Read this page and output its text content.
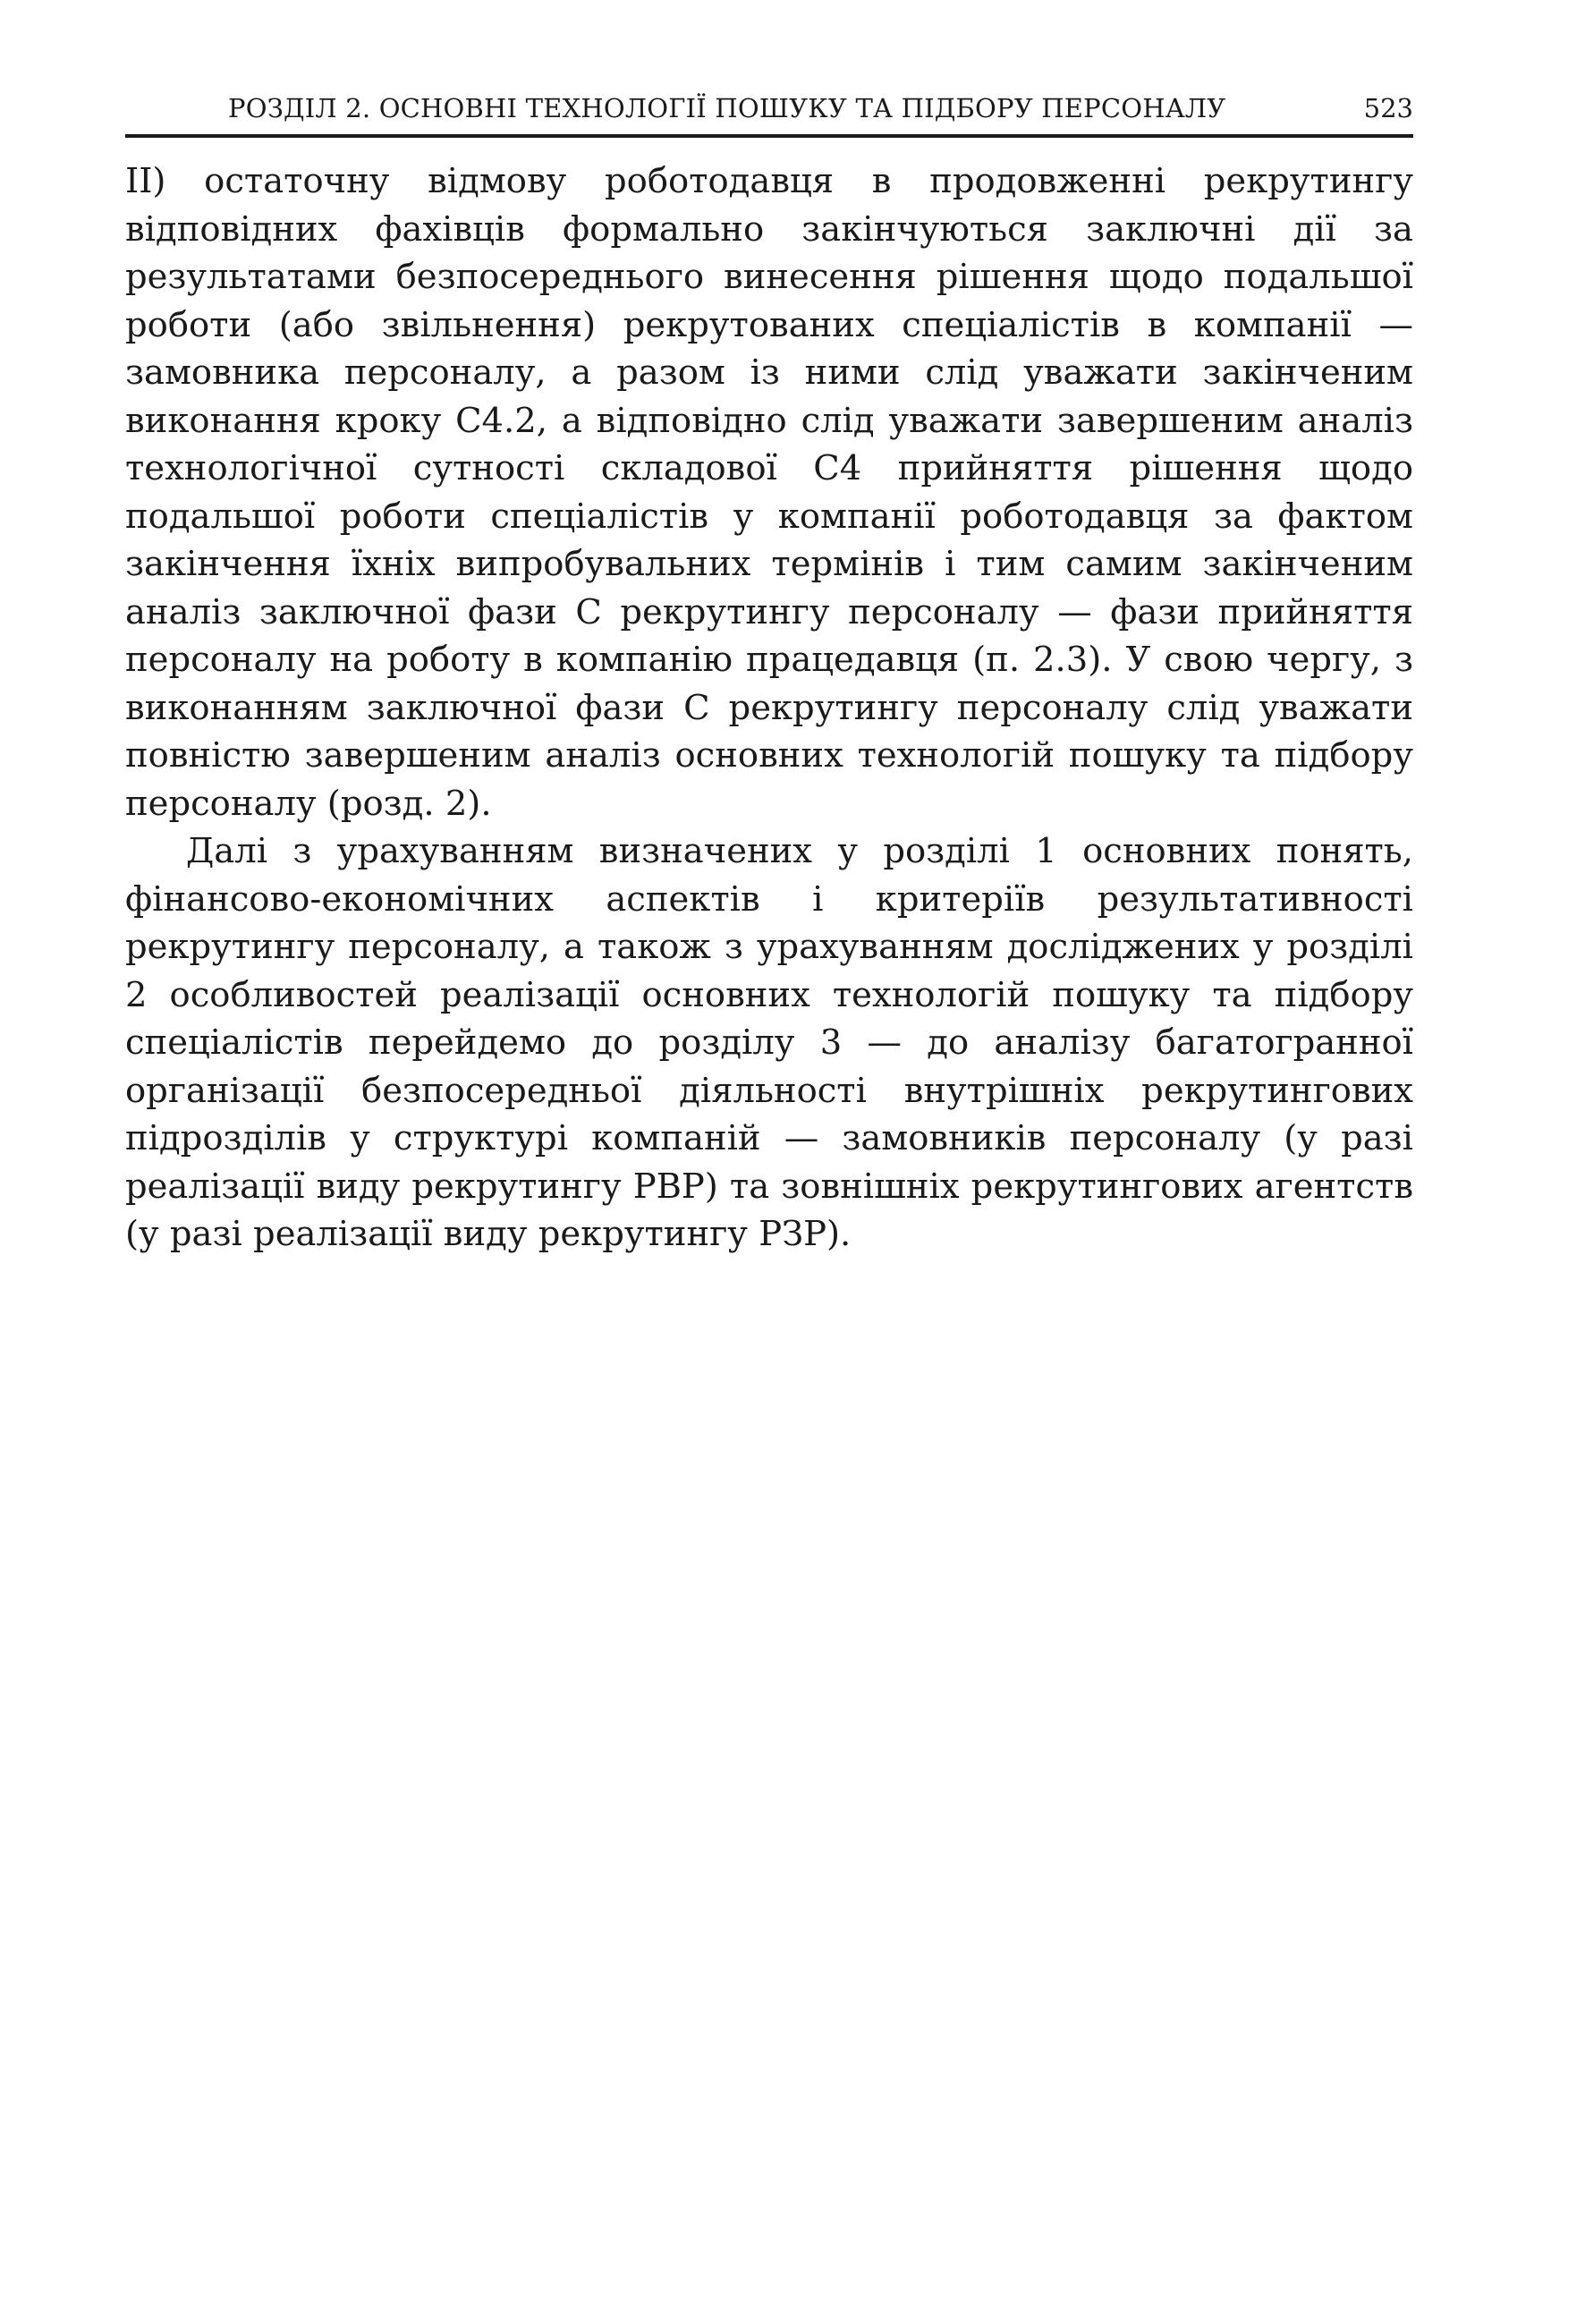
РОЗДІЛ 2. ОСНОВНІ ТЕХНОЛОГІЇ ПОШУКУ ТА ПІДБОРУ ПЕРСОНАЛУ	523

ІІ) остаточну відмову роботодавця в продовженні рекрутингу відповідних фахівців формально закінчуються заключні дії за результатами безпосереднього винесення рішення щодо подальшої роботи (або звільнення) рекрутованих спеціалістів в компанії — замовника персоналу, а разом із ними слід уважати закінченим виконання кроку С4.2, а відповідно слід уважати завершеним аналіз технологічної сутності складової С4 прийняття рішення щодо подальшої роботи спеціалістів у компанії роботодавця за фактом закінчення їхніх випробувальних термінів і тим самим закінченим аналіз заключної фази С рекрутингу персоналу — фази прийняття персоналу на роботу в компанію працедавця (п. 2.3). У свою чергу, з виконанням заключної фази С рекрутингу персоналу слід уважати повністю завершеним аналіз основних технологій пошуку та підбору персоналу (розд. 2).

Далі з урахуванням визначених у розділі 1 основних понять, фінансово-економічних аспектів і критеріїв результативності рекрутингу персоналу, а також з урахуванням досліджених у розділі 2 особливостей реалізації основних технологій пошуку та підбору спеціалістів перейдемо до розділу 3 — до аналізу багатогранної організації безпосередньої діяльності внутрішніх рекрутингових підрозділів у структурі компаній — замовників персоналу (у разі реалізації виду рекрутингу РВР) та зовнішніх рекрутингових агентств (у разі реалізації виду рекрутингу РЗР).
